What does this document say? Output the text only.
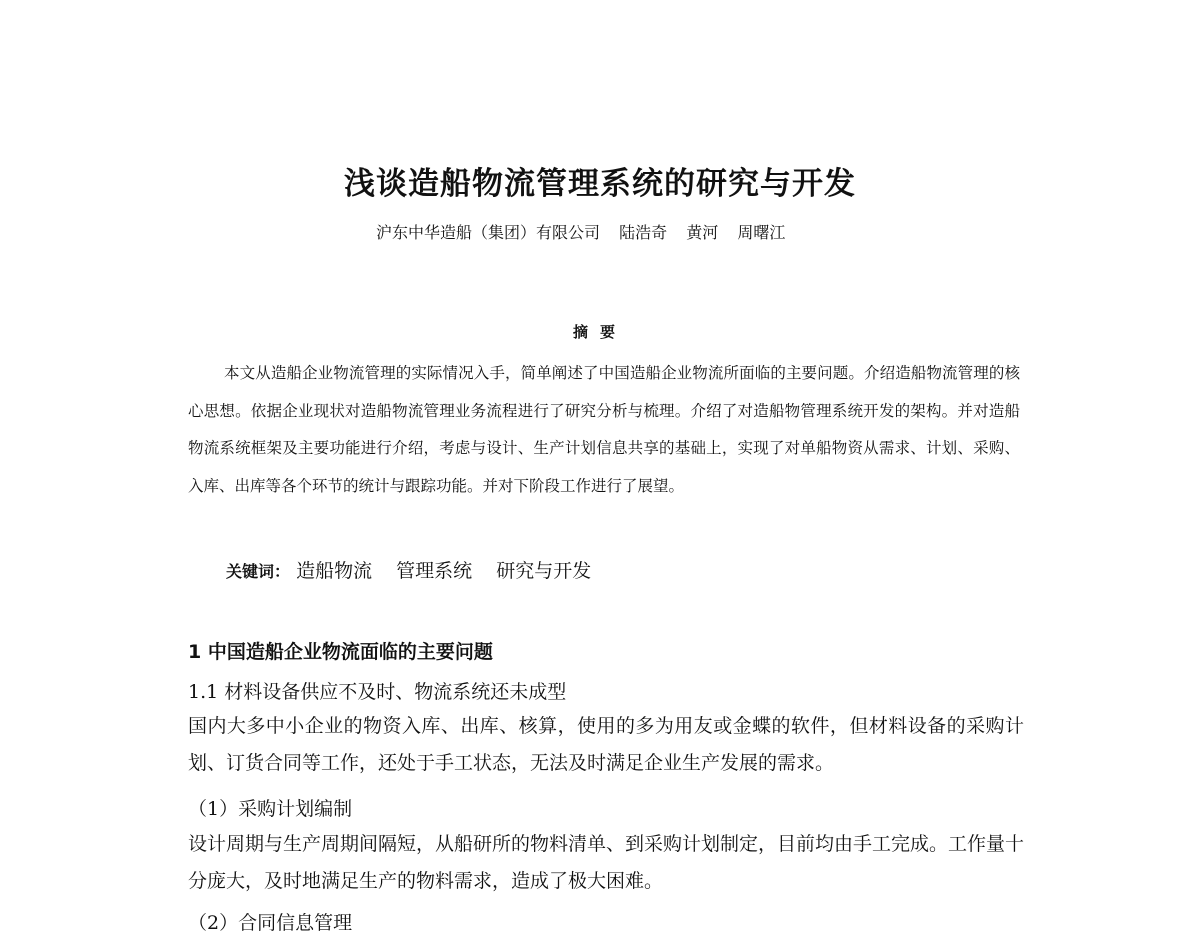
浅谈造船物流管理系统的研究与开发
沪东中华造船（集团）有限公司 陆浩奇 黄河 周曙江
摘要

本文从造船企业物流管理的实际情况入手，简单阐述了中国造船企业物流所面临的主要问题。介绍造船物流管理的核心思想。依据企业现状对造船物流管理业务流程进行了研究分析与梳理。介绍了对造船物管理系统开发的架构。并对造船物流系统框架及主要功能进行介绍，考虑与设计、生产计划信息共享的基础上，实现了对单船物资从需求、计划、采购、入库、出库等各个环节的统计与跟踪功能。并对下阶段工作进行了展望。

关键词： 造船物流 管理系统 研究与开发
1 中国造船企业物流面临的主要问题
1.1 材料设备供应不及时、物流系统还未成型

国内大多中小企业的物资入库、出库、核算，使用的多为用友或金蝶的软件，但材料设备的采购计划、订货合同等工作，还处于手工状态，无法及时满足企业生产发展的需求。

（1）采购计划编制

设计周期与生产周期间隔短，从船研所的物料清单、到采购计划制定，目前均由手工完成。工作量十分庞大，及时地满足生产的物料需求，造成了极大困难。

（2）合同信息管理
